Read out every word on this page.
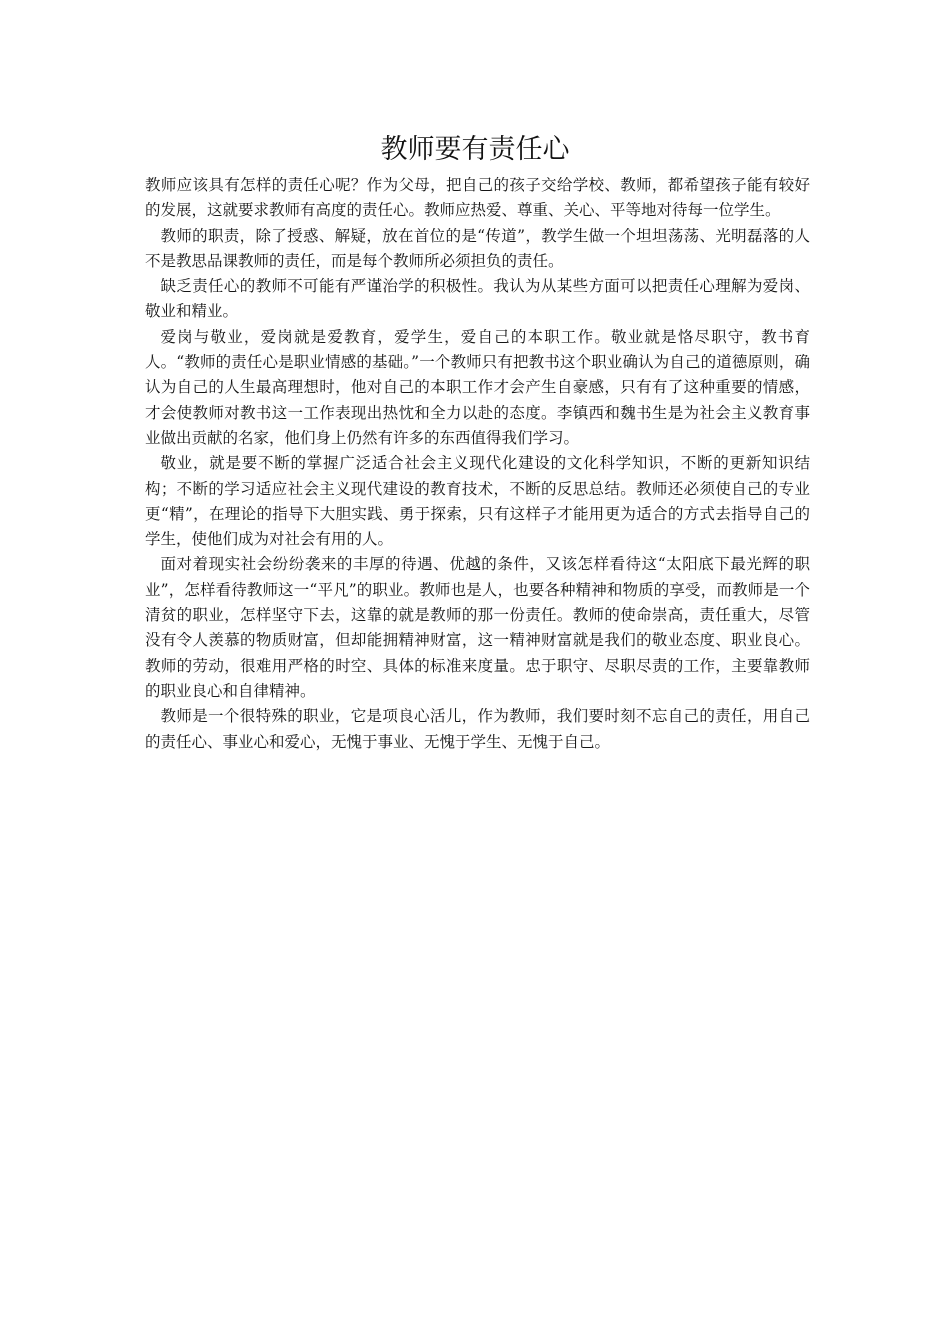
教师要有责任心

教师应该具有怎样的责任心呢？作为父母，把自己的孩子交给学校、教师，都希望孩子能有较好的发展，这就要求教师有高度的责任心。教师应热爱、尊重、关心、平等地对待每一位学生。

教师的职责，除了授惑、解疑，放在首位的是“传道”，教学生做一个坦坦荡荡、光明磊落的人不是教思品课教师的责任，而是每个教师所必须担负的责任。

缺乏责任心的教师不可能有严谨治学的积极性。我认为从某些方面可以把责任心理解为爱岗、敬业和精业。

爱岗与敬业，爱岗就是爱教育，爱学生，爱自己的本职工作。敬业就是恪尽职守，教书育人。“教师的责任心是职业情感的基础。”一个教师只有把教书这个职业确认为自己的道德原则，确认为自己的人生最高理想时，他对自己的本职工作才会产生自豪感，只有有了这种重要的情感，才会使教师对教书这一工作表现出热忱和全力以赴的态度。李镇西和魏书生是为社会主义教育事业做出贡献的名家，他们身上仍然有许多的东西值得我们学习。

敬业，就是要不断的掌握广泛适合社会主义现代化建设的文化科学知识，不断的更新知识结构；不断的学习适应社会主义现代建设的教育技术，不断的反思总结。教师还必须使自己的专业更“精”，在理论的指导下大胆实践、勇于探索，只有这样子才能用更为适合的方式去指导自己的学生，使他们成为对社会有用的人。

面对着现实社会纷纷袭来的丰厚的待遇、优越的条件，又该怎样看待这“太阳底下最光辉的职业”，怎样看待教师这一“平凡”的职业。教师也是人，也要各种精神和物质的享受，而教师是一个清贫的职业，怎样坚守下去，这靠的就是教师的那一份责任。教师的使命崇高，责任重大，尽管没有令人羡慕的物质财富，但却能拥精神财富，这一精神财富就是我们的敬业态度、职业良心。教师的劳动，很难用严格的时空、具体的标准来度量。忠于职守、尽职尽责的工作，主要靠教师的职业良心和自律精神。

教师是一个很特殊的职业，它是项良心活儿，作为教师，我们要时刻不忘自己的责任，用自己的责任心、事业心和爱心，无愧于事业、无愧于学生、无愧于自己。
